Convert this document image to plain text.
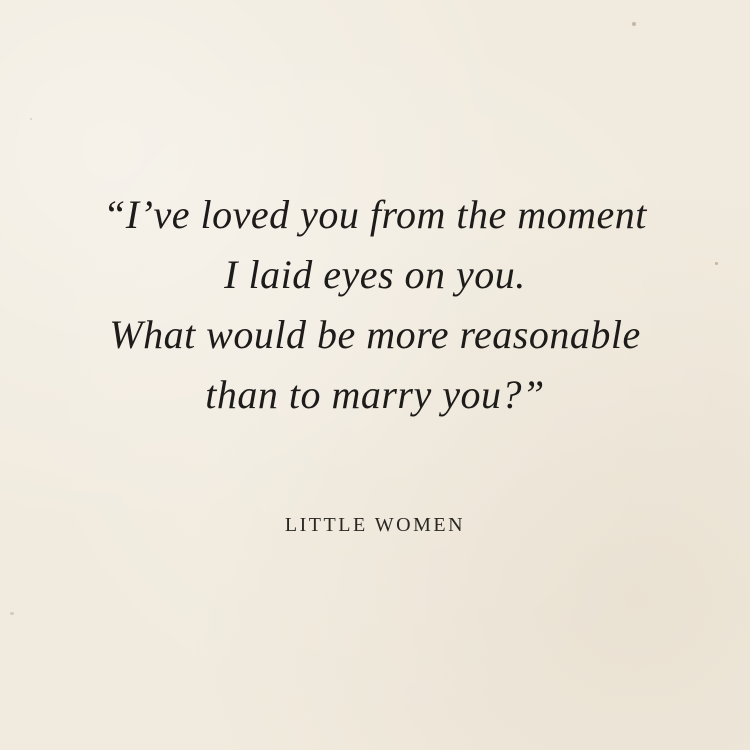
“I’ve loved you from the moment
I laid eyes on you.
What would be more reasonable
than to marry you?”
LITTLE WOMEN
